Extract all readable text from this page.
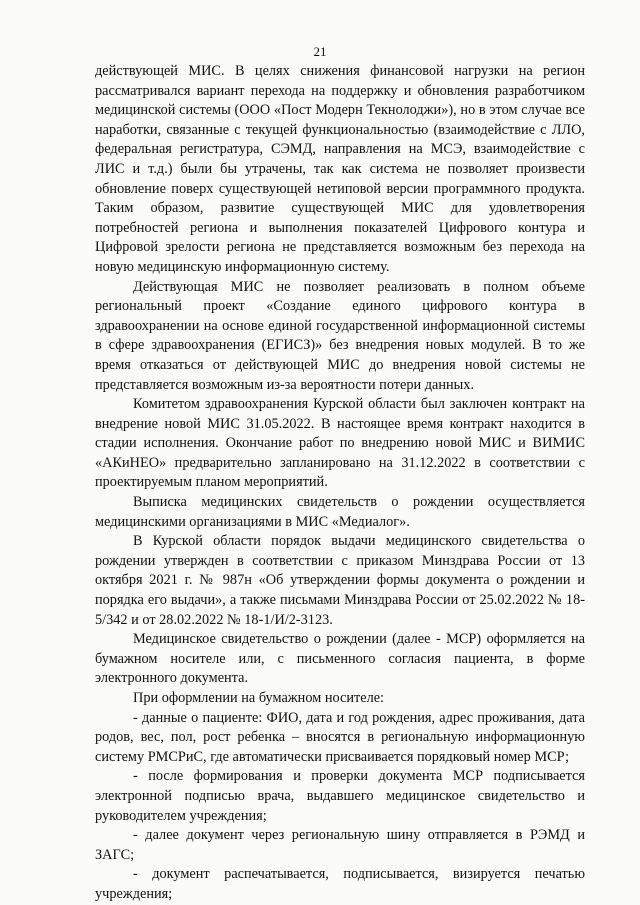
21

действующей МИС. В целях снижения финансовой нагрузки на регион рассматривался вариант перехода на поддержку и обновления разработчиком медицинской системы (ООО «Пост Модерн Текнолоджи»), но в этом случае все наработки, связанные с текущей функциональностью (взаимодействие с ЛЛО, федеральная регистратура, СЭМД, направления на МСЭ, взаимодействие с ЛИС и т.д.) были бы утрачены, так как система не позволяет произвести обновление поверх существующей нетиповой версии программного продукта. Таким образом, развитие существующей МИС для удовлетворения потребностей региона и выполнения показателей Цифрового контура и Цифровой зрелости региона не представляется возможным без перехода на новую медицинскую информационную систему.

Действующая МИС не позволяет реализовать в полном объеме региональный проект «Создание единого цифрового контура в здравоохранении на основе единой государственной информационной системы в сфере здравоохранения (ЕГИСЗ)» без внедрения новых модулей. В то же время отказаться от действующей МИС до внедрения новой системы не представляется возможным из-за вероятности потери данных.

Комитетом здравоохранения Курской области был заключен контракт на внедрение новой МИС 31.05.2022. В настоящее время контракт находится в стадии исполнения. Окончание работ по внедрению новой МИС и ВИМИС «АКиНЕО» предварительно запланировано на 31.12.2022 в соответствии с проектируемым планом мероприятий.

Выписка медицинских свидетельств о рождении осуществляется медицинскими организациями в МИС «Медиалог».

В Курской области порядок выдачи медицинского свидетельства о рождении утвержден в соответствии с приказом Минздрава России от 13 октября 2021 г. № 987н «Об утверждении формы документа о рождении и порядка его выдачи», а также письмами Минздрава России от 25.02.2022 № 18-5/342 и от 28.02.2022 № 18-1/И/2-3123.

Медицинское свидетельство о рождении (далее - МСР) оформляется на бумажном носителе или, с письменного согласия пациента, в форме электронного документа.

При оформлении на бумажном носителе:

- данные о пациенте: ФИО, дата и год рождения, адрес проживания, дата родов, вес, пол, рост ребенка – вносятся в региональную информационную систему РМСРиС, где автоматически присваивается порядковый номер МСР;

- после формирования и проверки документа МСР подписывается электронной подписью врача, выдавшего медицинское свидетельство и руководителем учреждения;

- далее документ через региональную шину отправляется в РЭМД и ЗАГС;

- документ распечатывается, подписывается, визируется печатью учреждения;
